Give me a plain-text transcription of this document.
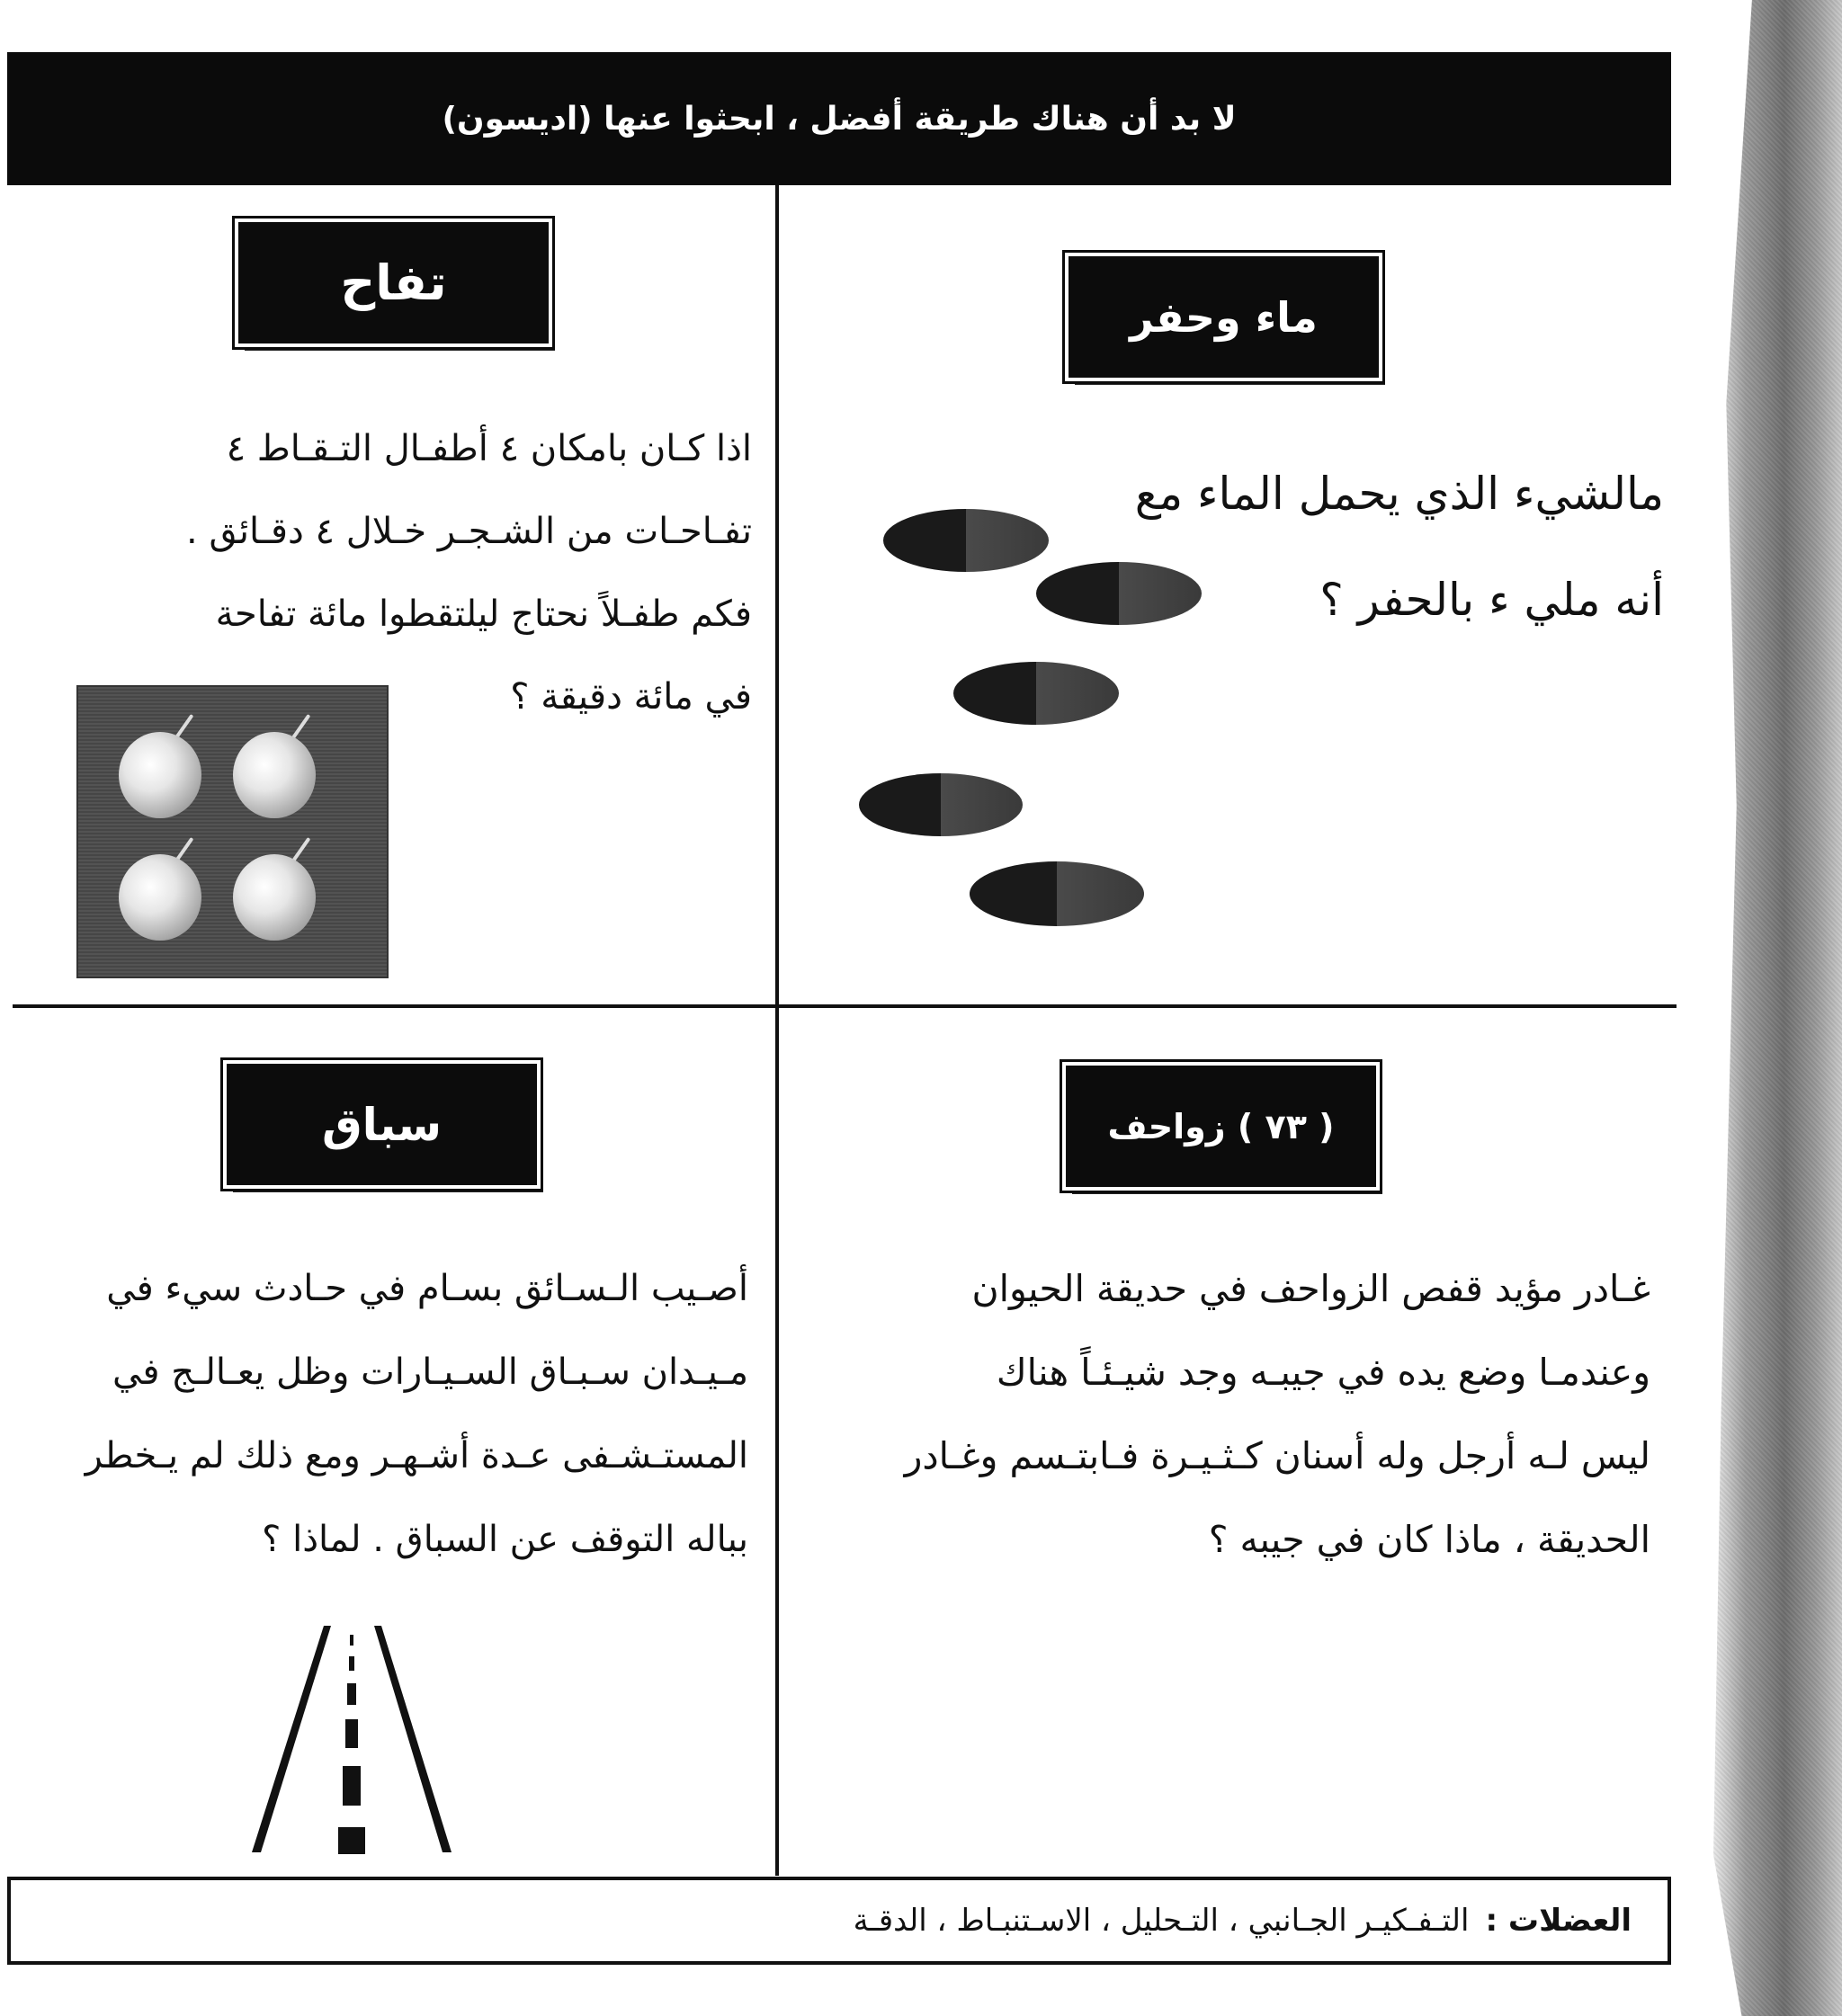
لا بد أن هناك طريقة أفضل ، ابحثوا عنها (اديسون)
ماء وحفر
مالشيء الذي يحمل الماء مع
أنه ملي ء بالحفر ؟
تفاح
اذا كـان بامكان ٤ أطفـال التـقـاط ٤
تفـاحـات من الشـجـر خـلال ٤ دقـائق .
فكم طفـلاً نحتاج ليلتقطوا مائة تفاحة
في مائة دقيقة ؟
( ٧٣ ) زواحف
غـادر مؤيد قفص الزواحف في حديقة الحيوان
وعندمـا وضع يده في جيبـه وجد شيـئـاً هناك
ليس لـه أرجل وله أسنان كـثـيـرة فـابتـسم وغـادر
الحديقة ، ماذا كان في جيبه ؟
سباق
أصـيب الـسـائق بسـام في حـادث سيء في
مـيـدان سـبـاق السـيـارات وظل يعـالـج في
المستـشـفى عـدة أشـهـر ومع ذلك لم يـخطر
بباله التوقف عن السباق . لماذا ؟
العضلات :
التـفـكيـر الجـانبي ، التـحليل ، الاسـتنبـاط ، الدقـة
